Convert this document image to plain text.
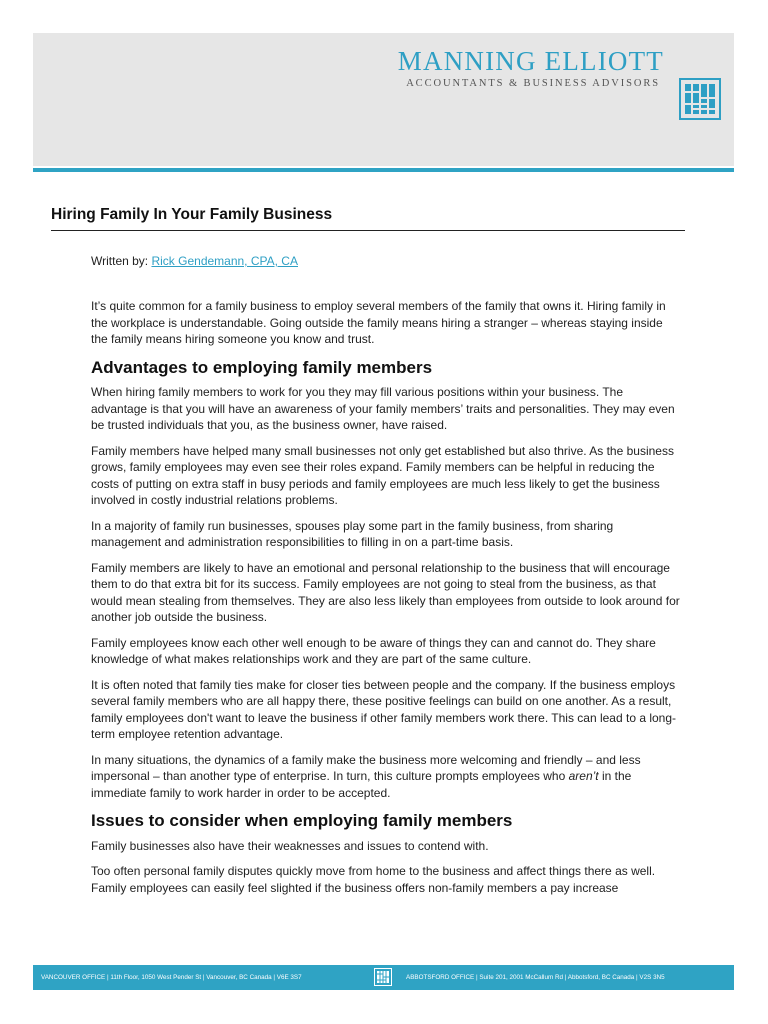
MANNING ELLIOTT
ACCOUNTANTS & BUSINESS ADVISORS
Hiring Family In Your Family Business
Written by: Rick Gendemann, CPA, CA

It’s quite common for a family business to employ several members of the family that owns it. Hiring family in the workplace is understandable. Going outside the family means hiring a stranger – whereas staying inside the family means hiring someone you know and trust.

Advantages to employing family members

When hiring family members to work for you they may fill various positions within your business. The advantage is that you will have an awareness of your family members’ traits and personalities. They may even be trusted individuals that you, as the business owner, have raised.

Family members have helped many small businesses not only get established but also thrive. As the business grows, family employees may even see their roles expand. Family members can be helpful in reducing the costs of putting on extra staff in busy periods and family employees are much less likely to get the business involved in costly industrial relations problems.

In a majority of family run businesses, spouses play some part in the family business, from sharing management and administration responsibilities to filling in on a part-time basis.

Family members are likely to have an emotional and personal relationship to the business that will encourage them to do that extra bit for its success. Family employees are not going to steal from the business, as that would mean stealing from themselves. They are also less likely than employees from outside to look around for another job outside the business.

Family employees know each other well enough to be aware of things they can and cannot do. They share knowledge of what makes relationships work and they are part of the same culture.

It is often noted that family ties make for closer ties between people and the company. If the business employs several family members who are all happy there, these positive feelings can build on one another. As a result, family employees don't want to leave the business if other family members work there. This can lead to a long-term employee retention advantage.

In many situations, the dynamics of a family make the business more welcoming and friendly – and less impersonal – than another type of enterprise. In turn, this culture prompts employees who aren’t in the immediate family to work harder in order to be accepted.

Issues to consider when employing family members

Family businesses also have their weaknesses and issues to contend with.

Too often personal family disputes quickly move from home to the business and affect things there as well. Family employees can easily feel slighted if the business offers non-family members a pay increase

VANCOUVER OFFICE | 11th Floor, 1050 West Pender St | Vancouver, BC Canada | V6E 3S7	ABBOTSFORD OFFICE | Suite 201, 2001 McCallum Rd | Abbotsford, BC Canada | V2S 3N5
